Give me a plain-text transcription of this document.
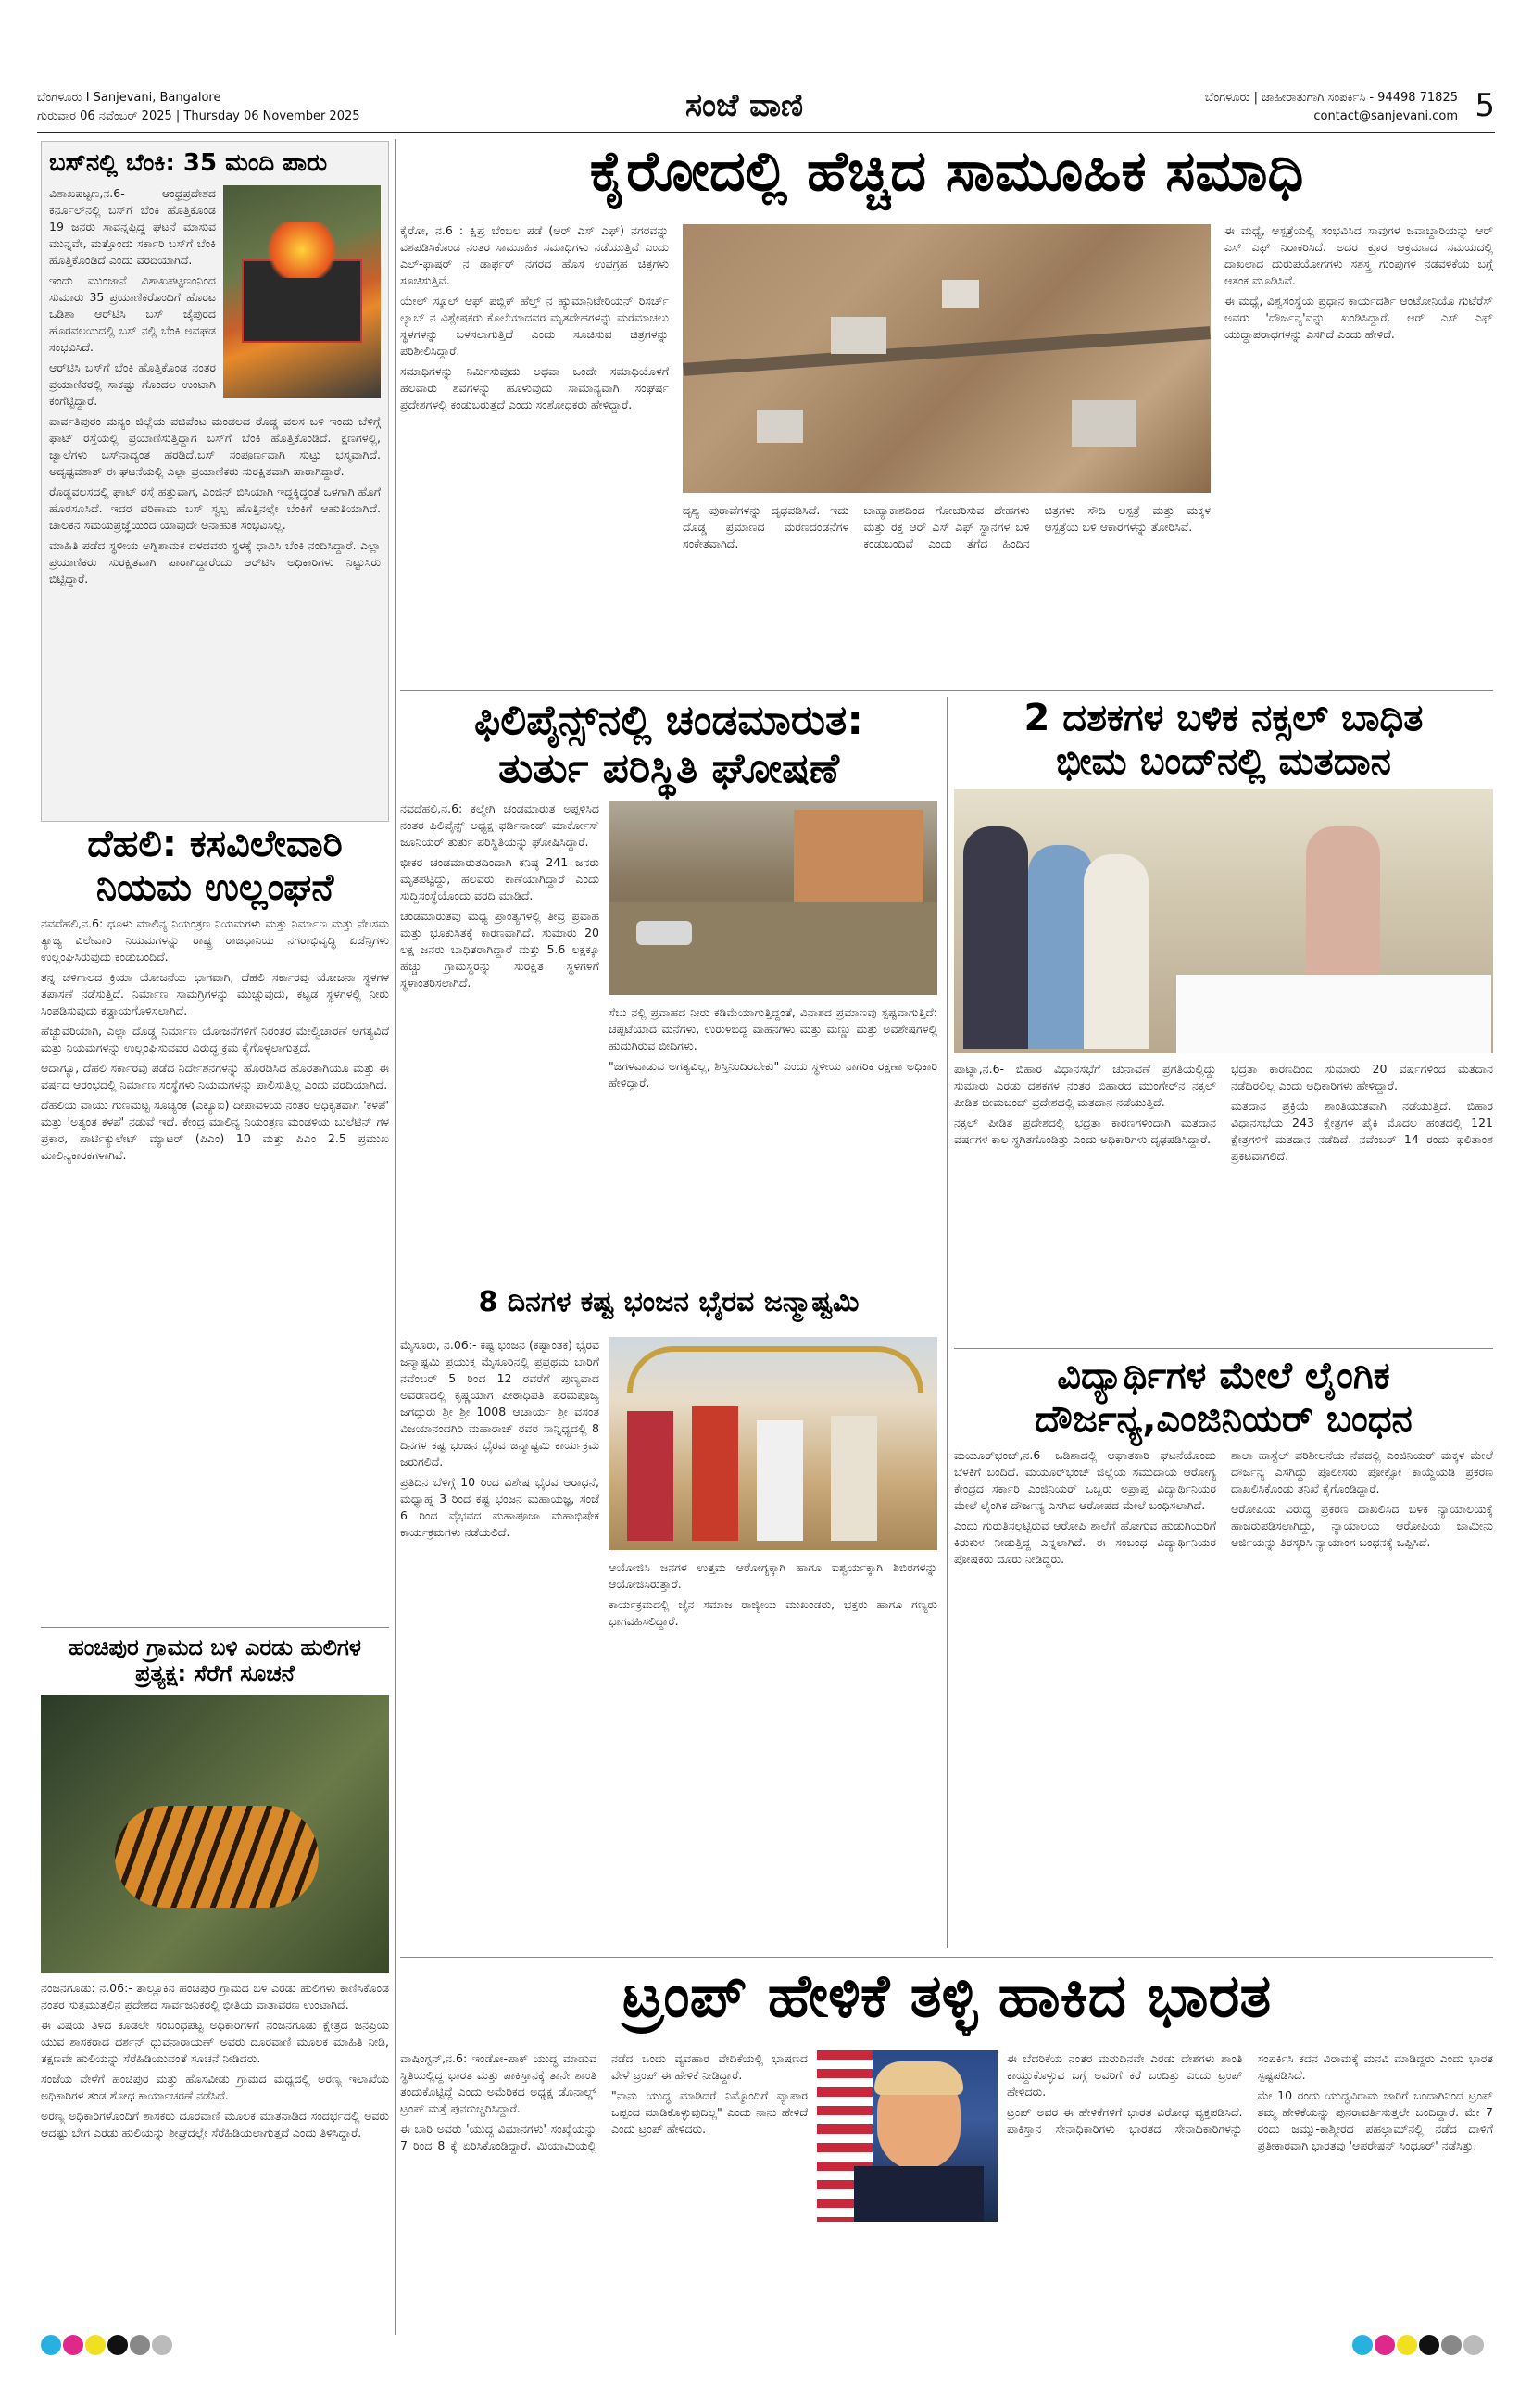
ಬೆಂಗಳೂರು I Sanjevani, Bangalore
ಗುರುವಾರ 06 ನವೆಂಬರ್ 2025 | Thursday 06 November 2025	ಸಂಜೆ ವಾಣಿ	ಬೆಂಗಳೂರು | ಜಾಹೀರಾತುಗಾಗಿ ಸಂಪರ್ಕಿಸಿ - 94498 71825
contact@sanjevani.com 5
ಬಸ್‌ನಲ್ಲಿ ಬೆಂಕಿ: 35 ಮಂದಿ ಪಾರು

ವಿಶಾಖಪಟ್ಟಣ,ನ.6- ಆಂಧ್ರಪ್ರದೇಶದ ಕರ್ನೂಲ್‌ನಲ್ಲಿ ಬಸ್‌ಗೆ ಬೆಂಕಿ ಹೊತ್ತಿಕೊಂಡ 19 ಜನರು ಸಾವನ್ನಪ್ಪಿದ್ದ ಘಟನೆ ಮಾಸುವ ಮುನ್ನವೇ, ಮತ್ತೊಂದು ಸರ್ಕಾರಿ ಬಸ್‌ಗೆ ಬೆಂಕಿ ಹೊತ್ತಿಕೊಂಡಿದೆ ಎಂದು ವರದಿಯಾಗಿದೆ.

ಇಂದು ಮುಂಜಾನೆ ವಿಶಾಖಪಟ್ಟಣಂನಿಂದ ಸುಮಾರು 35 ಪ್ರಯಾಣಿಕರೊಂದಿಗೆ ಹೊರಟ ಒಡಿಶಾ ಆರ್‌ಟಿಸಿ ಬಸ್ ಜೈಪುರದ ಹೊರವಲಯದಲ್ಲಿ ಬಸ್ ನಲ್ಲಿ ಬೆಂಕಿ ಅವಘಡ ಸಂಭವಿಸಿದೆ.

ಆರ್‌ಟಿಸಿ ಬಸ್‌ಗೆ ಬೆಂಕಿ ಹೊತ್ತಿಕೊಂಡ ನಂತರ ಪ್ರಯಾಣಿಕರಲ್ಲಿ ಸಾಕಷ್ಟು ಗೊಂದಲ ಉಂಟಾಗಿ ಕಂಗೆಟ್ಟಿದ್ದಾರೆ.

ಪಾರ್ವತಿಪುರಂ ಮನ್ಯಂ ಜಿಲ್ಲೆಯ ಪಚಿಪೆಂಟ ಮಂಡಲದ ರೊಡ್ಡ ವಲಸ ಬಳಿ ಇಂದು ಬೆಳಿಗ್ಗೆ ಘಾಟ್ ರಸ್ತೆಯಲ್ಲಿ ಪ್ರಯಾಣಿಸುತ್ತಿದ್ದಾಗ ಬಸ್‌ಗೆ ಬೆಂಕಿ ಹೊತ್ತಿಕೊಂಡಿದೆ. ಕ್ಷಣಗಳಲ್ಲಿ, ಜ್ವಾಲೆಗಳು ಬಸ್‌ನಾದ್ಯಂತ ಹರಡಿದೆ.ಬಸ್ ಸಂಪೂರ್ಣವಾಗಿ ಸುಟ್ಟು ಭಸ್ಮವಾಗಿದೆ. ಅದೃಷ್ಟವಶಾತ್ ಈ ಘಟನೆಯಲ್ಲಿ ಎಲ್ಲಾ ಪ್ರಯಾಣಿಕರು ಸುರಕ್ಷಿತವಾಗಿ ಪಾರಾಗಿದ್ದಾರೆ.

ರೊಡ್ಡವಲಸದಲ್ಲಿ ಘಾಟ್ ರಸ್ತೆ ಹತ್ತುವಾಗ, ಎಂಜಿನ್ ಬಿಸಿಯಾಗಿ ಇದ್ದಕ್ಕಿದ್ದಂತೆ ಒಳಗಾಗಿ ಹೊಗೆ ಹೊರಸೂಸಿದೆ. ಇದರ ಪರಿಣಾಮ ಬಸ್ ಸ್ವಲ್ಪ ಹೊತ್ತಿನಲ್ಲೇ ಬೆಂಕಿಗೆ ಆಹುತಿಯಾಗಿದೆ. ಚಾಲಕನ ಸಮಯಪ್ರಜ್ಞೆಯಿಂದ ಯಾವುದೇ ಅನಾಹುತ ಸಂಭವಿಸಿಲ್ಲ.

ಮಾಹಿತಿ ಪಡೆದ ಸ್ಥಳೀಯ ಅಗ್ನಿಶಾಮಕ ದಳದವರು ಸ್ಥಳಕ್ಕೆ ಧಾವಿಸಿ ಬೆಂಕಿ ನಂದಿಸಿದ್ದಾರೆ. ಎಲ್ಲಾ ಪ್ರಯಾಣಿಕರು ಸುರಕ್ಷಿತವಾಗಿ ಪಾರಾಗಿದ್ದಾರೆಂದು ಆರ್‌ಟಿಸಿ ಅಧಿಕಾರಿಗಳು ನಿಟ್ಟುಸಿರು ಬಿಟ್ಟಿದ್ದಾರೆ.

ಕೈರೋದಲ್ಲಿ ಹೆಚ್ಚಿದ ಸಾಮೂಹಿಕ ಸಮಾಧಿ

ಕೈರೋ, ನ.6 : ಕ್ಷಿಪ್ರ ಬೆಂಬಲ ಪಡೆ (ಆರ್ ಎಸ್ ಎಫ್) ನಗರವನ್ನು ವಶಪಡಿಸಿಕೊಂಡ ನಂತರ ಸಾಮೂಹಿಕ ಸಮಾಧಿಗಳು ನಡೆಯುತ್ತಿವೆ ಎಂದು ಎಲ್-ಫಾಷರ್ ನ ಡಾರ್ಫರ್ ನಗರದ ಹೊಸ ಉಪಗ್ರಹ ಚಿತ್ರಗಳು ಸೂಚಿಸುತ್ತಿವೆ.

ಯೇಲ್ ಸ್ಕೂಲ್ ಆಫ್ ಪಬ್ಲಿಕ್ ಹೆಲ್ತ್ ನ ಹ್ಯುಮಾನಿಟೇರಿಯನ್ ರಿಸರ್ಚ್ ಲ್ಯಾಬ್ ನ ವಿಶ್ಲೇಷಕರು ಕೊಲೆಯಾದವರ ಮೃತದೇಹಗಳನ್ನು ಮರೆಮಾಚಲು ಸ್ಥಳಗಳನ್ನು ಬಳಸಲಾಗುತ್ತಿದೆ ಎಂದು ಸೂಚಿಸುವ ಚಿತ್ರಗಳನ್ನು ಪರಿಶೀಲಿಸಿದ್ದಾರೆ.

ಸಮಾಧಿಗಳನ್ನು ನಿರ್ಮಿಸುವುದು ಅಥವಾ ಒಂದೇ ಸಮಾಧಿಯೊಳಗೆ ಹಲವಾರು ಶವಗಳನ್ನು ಹೂಳುವುದು ಸಾಮಾನ್ಯವಾಗಿ ಸಂಘರ್ಷ ಪ್ರದೇಶಗಳಲ್ಲಿ ಕಂಡುಬರುತ್ತದೆ ಎಂದು ಸಂಶೋಧಕರು ಹೇಳಿದ್ದಾರೆ.

ದೃಶ್ಯ ಪುರಾವೆಗಳನ್ನು ದೃಢಪಡಿಸಿದೆ. ಇದು ದೊಡ್ಡ ಪ್ರಮಾಣದ ಮರಣದಂಡನೆಗಳ ಸಂಕೇತವಾಗಿದೆ.

ಬಾಹ್ಯಾಕಾಶದಿಂದ ಗೋಚರಿಸುವ ದೇಹಗಳು ಮತ್ತು ರಕ್ತ ಆರ್ ಎಸ್ ಎಫ್ ಸ್ಥಾನಗಳ ಬಳಿ ಕಂಡುಬಂದಿವೆ ಎಂದು ತೆಗೆದ ಹಿಂದಿನ ಚಿತ್ರಗಳು ಸೌದಿ ಆಸ್ಪತ್ರೆ ಮತ್ತು ಮಕ್ಕಳ ಆಸ್ಪತ್ರೆಯ ಬಳಿ ಆಕಾರಗಳನ್ನು ತೋರಿಸಿವೆ.

ಈ ಮಧ್ಯೆ, ಆಸ್ಪತ್ರೆಯಲ್ಲಿ ಸಂಭವಿಸಿದ ಸಾವುಗಳ ಜವಾಬ್ದಾರಿಯನ್ನು ಆರ್ ಎಸ್ ಎಫ್ ನಿರಾಕರಿಸಿದೆ. ಅದರ ಕ್ರೂರ ಆಕ್ರಮಣದ ಸಮಯದಲ್ಲಿ ದಾಖಲಾದ ದುರುಪಯೋಗಗಳು ಸಶಸ್ತ್ರ ಗುಂಪುಗಳ ನಡವಳಿಕೆಯ ಬಗ್ಗೆ ಆತಂಕ ಮೂಡಿಸಿವೆ.

ಈ ಮಧ್ಯೆ, ವಿಶ್ವಸಂಸ್ಥೆಯ ಪ್ರಧಾನ ಕಾರ್ಯದರ್ಶಿ ಆಂಟೋನಿಯೊ ಗುಟೆರೆಸ್ ಅವರು 'ದೌರ್ಜನ್ಯ'ವನ್ನು ಖಂಡಿಸಿದ್ದಾರೆ. ಆರ್ ಎಸ್ ಎಫ್ ಯುದ್ಧಾಪರಾಧಗಳನ್ನು ಎಸಗಿದೆ ಎಂದು ಹೇಳಿದೆ.

ಫಿಲಿಪೈನ್ಸ್‌ನಲ್ಲಿ ಚಂಡಮಾರುತ:
ತುರ್ತು ಪರಿಸ್ಥಿತಿ ಘೋಷಣೆ

ನವದೆಹಲಿ,ನ.6: ಕಲ್ಮೇಗಿ ಚಂಡಮಾರುತ ಅಪ್ಪಳಿಸಿದ ನಂತರ ಫಿಲಿಪೈನ್ಸ್ ಅಧ್ಯಕ್ಷ ಫರ್ಡಿನಾಂಡ್ ಮಾರ್ಕೋಸ್ ಜೂನಿಯರ್ ತುರ್ತು ಪರಿಸ್ಥಿತಿಯನ್ನು ಘೋಷಿಸಿದ್ದಾರೆ.

ಭೀಕರ ಚಂಡಮಾರುತದಿಂದಾಗಿ ಕನಿಷ್ಠ 241 ಜನರು ಮೃತಪಟ್ಟಿದ್ದು, ಹಲವರು ಕಾಣೆಯಾಗಿದ್ದಾರೆ ಎಂದು ಸುದ್ದಿಸಂಸ್ಥೆಯೊಂದು ವರದಿ ಮಾಡಿದೆ.

ಚಂಡಮಾರುತವು ಮಧ್ಯ ಪ್ರಾಂತ್ಯಗಳಲ್ಲಿ ತೀವ್ರ ಪ್ರವಾಹ ಮತ್ತು ಭೂಕುಸಿತಕ್ಕೆ ಕಾರಣವಾಗಿದೆ. ಸುಮಾರು 20 ಲಕ್ಷ ಜನರು ಬಾಧಿತರಾಗಿದ್ದಾರೆ ಮತ್ತು 5.6 ಲಕ್ಷಕ್ಕೂ ಹೆಚ್ಚು ಗ್ರಾಮಸ್ಥರನ್ನು ಸುರಕ್ಷಿತ ಸ್ಥಳಗಳಿಗೆ ಸ್ಥಳಾಂತರಿಸಲಾಗಿದೆ.

ಸೆಬು ನಲ್ಲಿ ಪ್ರವಾಹದ ನೀರು ಕಡಿಮೆಯಾಗುತ್ತಿದ್ದಂತೆ, ವಿನಾಶದ ಪ್ರಮಾಣವು ಸ್ಪಷ್ಟವಾಗುತ್ತಿದೆ: ಚಪ್ಪಟೆಯಾದ ಮನೆಗಳು, ಉರುಳಿಬಿದ್ದ ವಾಹನಗಳು ಮತ್ತು ಮಣ್ಣು ಮತ್ತು ಅವಶೇಷಗಳಲ್ಲಿ ಹುದುಗಿರುವ ಬೀದಿಗಳು.

"ಜಗಳವಾಡುವ ಅಗತ್ಯವಿಲ್ಲ, ಶಿಸ್ತಿನಿಂದಿರಬೇಕು" ಎಂದು ಸ್ಥಳೀಯ ನಾಗರಿಕ ರಕ್ಷಣಾ ಅಧಿಕಾರಿ ಹೇಳಿದ್ದಾರೆ.

2 ದಶಕಗಳ ಬಳಿಕ ನಕ್ಸಲ್ ಬಾಧಿತ
ಭೀಮ ಬಂದ್‌ನಲ್ಲಿ ಮತದಾನ

ಪಾಟ್ನಾ,ನ.6- ಬಿಹಾರ ವಿಧಾನಸಭೆಗೆ ಚುನಾವಣೆ ಪ್ರಗತಿಯಲ್ಲಿದ್ದು ಸುಮಾರು ಎರಡು ದಶಕಗಳ ನಂತರ ಬಿಹಾರದ ಮುಂಗೇರ್‌ನ ನಕ್ಸಲ್ ಪೀಡಿತ ಭೀಮಬಂದ್ ಪ್ರದೇಶದಲ್ಲಿ ಮತದಾನ ನಡೆಯುತ್ತಿದೆ.

ನಕ್ಸಲ್ ಪೀಡಿತ ಪ್ರದೇಶದಲ್ಲಿ ಭದ್ರತಾ ಕಾರಣಗಳಿಂದಾಗಿ ಮತದಾನ ವರ್ಷಗಳ ಕಾಲ ಸ್ಥಗಿತಗೊಂಡಿತ್ತು ಎಂದು ಅಧಿಕಾರಿಗಳು ದೃಢಪಡಿಸಿದ್ದಾರೆ.

ಭದ್ರತಾ ಕಾರಣದಿಂದ ಸುಮಾರು 20 ವರ್ಷಗಳಿಂದ ಮತದಾನ ನಡೆದಿರಲಿಲ್ಲ ಎಂದು ಅಧಿಕಾರಿಗಳು ಹೇಳಿದ್ದಾರೆ.

ಮತದಾನ ಪ್ರಕ್ರಿಯೆ ಶಾಂತಿಯುತವಾಗಿ ನಡೆಯುತ್ತಿದೆ. ಬಿಹಾರ ವಿಧಾನಸಭೆಯ 243 ಕ್ಷೇತ್ರಗಳ ಪೈಕಿ ಮೊದಲ ಹಂತದಲ್ಲಿ 121 ಕ್ಷೇತ್ರಗಳಿಗೆ ಮತದಾನ ನಡೆದಿದೆ. ನವೆಂಬರ್ 14 ರಂದು ಫಲಿತಾಂಶ ಪ್ರಕಟವಾಗಲಿದೆ.

ದೆಹಲಿ: ಕಸವಿಲೇವಾರಿ
ನಿಯಮ ಉಲ್ಲಂಘನೆ

ನವದೆಹಲಿ,ನ.6: ಧೂಳು ಮಾಲಿನ್ಯ ನಿಯಂತ್ರಣ ನಿಯಮಗಳು ಮತ್ತು ನಿರ್ಮಾಣ ಮತ್ತು ನೆಲಸಮ ತ್ಯಾಜ್ಯ ವಿಲೇವಾರಿ ನಿಯಮಗಳನ್ನು ರಾಷ್ಟ್ರ ರಾಜಧಾನಿಯ ನಗರಾಭಿವೃದ್ಧಿ ಏಜೆನ್ಸಿಗಳು ಉಲ್ಲಂಘಿಸಿರುವುದು ಕಂಡುಬಂದಿದೆ.

ತನ್ನ ಚಳಿಗಾಲದ ಕ್ರಿಯಾ ಯೋಜನೆಯ ಭಾಗವಾಗಿ, ದೆಹಲಿ ಸರ್ಕಾರವು ಯೋಜನಾ ಸ್ಥಳಗಳ ತಪಾಸಣೆ ನಡೆಸುತ್ತಿದೆ. ನಿರ್ಮಾಣ ಸಾಮಗ್ರಿಗಳನ್ನು ಮುಚ್ಚುವುದು, ಕಟ್ಟಡ ಸ್ಥಳಗಳಲ್ಲಿ ನೀರು ಸಿಂಪಡಿಸುವುದು ಕಡ್ಡಾಯಗೊಳಿಸಲಾಗಿದೆ.

ಹೆಚ್ಚುವರಿಯಾಗಿ, ಎಲ್ಲಾ ದೊಡ್ಡ ನಿರ್ಮಾಣ ಯೋಜನೆಗಳಿಗೆ ನಿರಂತರ ಮೇಲ್ವಿಚಾರಣೆ ಅಗತ್ಯವಿದೆ ಮತ್ತು ನಿಯಮಗಳನ್ನು ಉಲ್ಲಂಘಿಸುವವರ ವಿರುದ್ಧ ಕ್ರಮ ಕೈಗೊಳ್ಳಲಾಗುತ್ತದೆ.

ಆದಾಗ್ಯೂ, ದೆಹಲಿ ಸರ್ಕಾರವು ಪಡೆದ ನಿರ್ದೇಶನಗಳನ್ನು ಹೊರಡಿಸಿದ ಹೊರತಾಗಿಯೂ ಮತ್ತು ಈ ವರ್ಷದ ಆರಂಭದಲ್ಲಿ ನಿರ್ಮಾಣ ಸಂಸ್ಥೆಗಳು ನಿಯಮಗಳನ್ನು ಪಾಲಿಸುತ್ತಿಲ್ಲ ಎಂದು ವರದಿಯಾಗಿದೆ.

ದೆಹಲಿಯ ವಾಯು ಗುಣಮಟ್ಟ ಸೂಚ್ಯಂಕ (ಎಕ್ಯೂಐ) ದೀಪಾವಳಿಯ ನಂತರ ಅಧಿಕೃತವಾಗಿ 'ಕಳಪೆ' ಮತ್ತು 'ಅತ್ಯಂತ ಕಳಪೆ' ನಡುವೆ ಇದೆ. ಕೇಂದ್ರ ಮಾಲಿನ್ಯ ನಿಯಂತ್ರಣ ಮಂಡಳಿಯ ಬುಲೆಟಿನ್ ಗಳ ಪ್ರಕಾರ, ಪಾರ್ಟಿಕ್ಯುಲೇಟ್ ಮ್ಯಾಟರ್ (ಪಿಎಂ) 10 ಮತ್ತು ಪಿಎಂ 2.5 ಪ್ರಮುಖ ಮಾಲಿನ್ಯಕಾರಕಗಳಾಗಿವೆ.

8 ದಿನಗಳ ಕಷ್ಟ ಭಂಜನ ಭೈರವ ಜನ್ಮಾಷ್ಟಮಿ

ಮೈಸೂರು, ನ.06:- ಕಷ್ಟ ಭಂಜನ (ಕಷ್ಟಾಂತಕ) ಭೈರವ ಜನ್ಮಾಷ್ಟಮಿ ಪ್ರಯುಕ್ತ ಮೈಸೂರಿನಲ್ಲಿ ಪ್ರಪ್ರಥಮ ಬಾರಿಗೆ ನವೆಂಬರ್ 5 ರಿಂದ 12 ರವರೆಗೆ ಪುಣ್ಯವಾದ ಅವರಣದಲ್ಲಿ ಕೃಷ್ಣಯಾಗ ಪೀಠಾಧಿಪತಿ ಪರಮಪೂಜ್ಯ ಜಗದ್ಗುರು ಶ್ರೀ ಶ್ರೀ 1008 ಆಚಾರ್ಯ ಶ್ರೀ ವಸಂತ ವಿಜಯಾನಂದಗಿರಿ ಮಹಾರಾಜ್ ರವರ ಸಾನ್ನಿಧ್ಯದಲ್ಲಿ 8 ದಿನಗಳ ಕಷ್ಟ ಭಂಜನ ಭೈರವ ಜನ್ಮಾಷ್ಟಮಿ ಕಾರ್ಯಕ್ರಮ ಜರುಗಲಿದೆ.

ಪ್ರತಿದಿನ ಬೆಳಿಗ್ಗೆ 10 ರಿಂದ ವಿಶೇಷ ಭೈರವ ಆರಾಧನೆ, ಮಧ್ಯಾಹ್ನ 3 ರಿಂದ ಕಷ್ಟ ಭಂಜನ ಮಹಾಯಜ್ಞ, ಸಂಜೆ 6 ರಿಂದ ವೈಭವದ ಮಹಾಪೂಜಾ ಮಹಾಭಿಷೇಕ ಕಾರ್ಯಕ್ರಮಗಳು ನಡೆಯಲಿದೆ.

ಆಯೋಜಿಸಿ ಜನಗಳ ಉತ್ತಮ ಆರೋಗ್ಯಕ್ಕಾಗಿ ಹಾಗೂ ಐಶ್ವರ್ಯಕ್ಕಾಗಿ ಶಿಬಿರಗಳನ್ನು ಆಯೋಜಿಸಿರುತ್ತಾರೆ.

ಕಾರ್ಯಕ್ರಮದಲ್ಲಿ ಜೈನ ಸಮಾಜ ರಾಜ್ಯೀಯ ಮುಖಂಡರು, ಭಕ್ತರು ಹಾಗೂ ಗಣ್ಯರು ಭಾಗವಹಿಸಲಿದ್ದಾರೆ.

ವಿದ್ಯಾರ್ಥಿಗಳ ಮೇಲೆ ಲೈಂಗಿಕ
ದೌರ್ಜನ್ಯ,ಎಂಜಿನಿಯರ್ ಬಂಧನ

ಮಯೂರ್‌ಭಂಜ್,ನ.6- ಒಡಿಶಾದಲ್ಲಿ ಆಘಾತಕಾರಿ ಘಟನೆಯೊಂದು ಬೆಳಕಿಗೆ ಬಂದಿದೆ. ಮಯೂರ್‌ಭಂಜ್ ಜಿಲ್ಲೆಯ ಸಮುದಾಯ ಆರೋಗ್ಯ ಕೇಂದ್ರದ ಸರ್ಕಾರಿ ಎಂಜಿನಿಯರ್ ಒಬ್ಬರು ಅಪ್ರಾಪ್ತ ವಿದ್ಯಾರ್ಥಿನಿಯರ ಮೇಲೆ ಲೈಂಗಿಕ ದೌರ್ಜನ್ಯ ಎಸಗಿದ ಆರೋಪದ ಮೇಲೆ ಬಂಧಿಸಲಾಗಿದೆ.

ಎಂದು ಗುರುತಿಸಲ್ಪಟ್ಟಿರುವ ಆರೋಪಿ ಶಾಲೆಗೆ ಹೋಗುವ ಹುಡುಗಿಯರಿಗೆ ಕಿರುಕುಳ ನೀಡುತ್ತಿದ್ದ ಎನ್ನಲಾಗಿದೆ. ಈ ಸಂಬಂಧ ವಿದ್ಯಾರ್ಥಿನಿಯರ ಪೋಷಕರು ದೂರು ನೀಡಿದ್ದರು.

ಶಾಲಾ ಹಾಸ್ಟೆಲ್ ಪರಿಶೀಲನೆಯ ನೆಪದಲ್ಲಿ ಎಂಜಿನಿಯರ್ ಮಕ್ಕಳ ಮೇಲೆ ದೌರ್ಜನ್ಯ ಎಸಗಿದ್ದು ಪೊಲೀಸರು ಪೋಕ್ಸೋ ಕಾಯ್ದೆಯಡಿ ಪ್ರಕರಣ ದಾಖಲಿಸಿಕೊಂಡು ತನಿಖೆ ಕೈಗೊಂಡಿದ್ದಾರೆ.

ಆರೋಪಿಯ ವಿರುದ್ಧ ಪ್ರಕರಣ ದಾಖಲಿಸಿದ ಬಳಿಕ ನ್ಯಾಯಾಲಯಕ್ಕೆ ಹಾಜರುಪಡಿಸಲಾಗಿದ್ದು, ನ್ಯಾಯಾಲಯ ಆರೋಪಿಯ ಜಾಮೀನು ಅರ್ಜಿಯನ್ನು ತಿರಸ್ಕರಿಸಿ ನ್ಯಾಯಾಂಗ ಬಂಧನಕ್ಕೆ ಒಪ್ಪಿಸಿದೆ.

ಹಂಚಿಪುರ ಗ್ರಾಮದ ಬಳಿ ಎರಡು ಹುಲಿಗಳ ಪ್ರತ್ಯಕ್ಷ: ಸೆರೆಗೆ ಸೂಚನೆ

ನಂಜನಗೂಡು: ನ.06:- ತಾಲ್ಲೂಕಿನ ಹಂಚಿಪುರ ಗ್ರಾಮದ ಬಳಿ ಎರಡು ಹುಲಿಗಳು ಕಾಣಿಸಿಕೊಂಡ ನಂತರ ಸುತ್ತಮುತ್ತಲಿನ ಪ್ರದೇಶದ ಸಾರ್ವಜನಿಕರಲ್ಲಿ ಭೀತಿಯ ವಾತಾವರಣ ಉಂಟಾಗಿದೆ.

ಈ ವಿಷಯ ತಿಳಿದ ಕೂಡಲೇ ಸಂಬಂಧಪಟ್ಟ ಅಧಿಕಾರಿಗಳಿಗೆ ನಂಜನಗೂಡು ಕ್ಷೇತ್ರದ ಜನಪ್ರಿಯ ಯುವ ಶಾಸಕರಾದ ದರ್ಶನ್ ಧ್ರುವನಾರಾಯಣ್ ಅವರು ದೂರವಾಣಿ ಮೂಲಕ ಮಾಹಿತಿ ನೀಡಿ, ತಕ್ಷಣವೇ ಹುಲಿಯನ್ನು ಸೆರೆಹಿಡಿಯುವಂತೆ ಸೂಚನೆ ನೀಡಿದರು.

ಸಂಜೆಯ ವೇಳೆಗೆ ಹಂಚಿಪುರ ಮತ್ತು ಹೊಸವೀಡು ಗ್ರಾಮದ ಮಧ್ಯದಲ್ಲಿ ಅರಣ್ಯ ಇಲಾಖೆಯ ಅಧಿಕಾರಿಗಳ ತಂಡ ಶೋಧ ಕಾರ್ಯಾಚರಣೆ ನಡೆಸಿದೆ.

ಅರಣ್ಯ ಅಧಿಕಾರಿಗಳೊಂದಿಗೆ ಶಾಸಕರು ದೂರವಾಣಿ ಮೂಲಕ ಮಾತನಾಡಿದ ಸಂದರ್ಭದಲ್ಲಿ ಅವರು ಆದಷ್ಟು ಬೇಗ ಎರಡು ಹುಲಿಯನ್ನು ಶೀಘ್ರದಲ್ಲೇ ಸೆರೆಹಿಡಿಯಲಾಗುತ್ತದೆ ಎಂದು ತಿಳಿಸಿದ್ದಾರೆ.

ಟ್ರಂಪ್ ಹೇಳಿಕೆ ತಳ್ಳಿ ಹಾಕಿದ ಭಾರತ

ವಾಷಿಂಗ್ಟನ್,ನ.6: ಇಂಡೋ-ಪಾಕ್ ಯುದ್ಧ ಮಾಡುವ ಸ್ಥಿತಿಯಲ್ಲಿದ್ದ ಭಾರತ ಮತ್ತು ಪಾಕಿಸ್ತಾನಕ್ಕೆ ತಾನೇ ಶಾಂತಿ ತಂದುಕೊಟ್ಟಿದ್ದೆ ಎಂದು ಅಮೆರಿಕದ ಅಧ್ಯಕ್ಷ ಡೊನಾಲ್ಡ್ ಟ್ರಂಪ್ ಮತ್ತೆ ಪುನರುಚ್ಚರಿಸಿದ್ದಾರೆ.

ಈ ಬಾರಿ ಅವರು 'ಯುದ್ಧ ವಿಮಾನಗಳು' ಸಂಖ್ಯೆಯನ್ನು 7 ರಿಂದ 8 ಕ್ಕೆ ಏರಿಸಿಕೊಂಡಿದ್ದಾರೆ. ಮಿಯಾಮಿಯಲ್ಲಿ ನಡೆದ ಒಂದು ವ್ಯವಹಾರ ವೇದಿಕೆಯಲ್ಲಿ ಭಾಷಣದ ವೇಳೆ ಟ್ರಂಪ್ ಈ ಹೇಳಿಕೆ ನೀಡಿದ್ದಾರೆ.

"ನಾನು ಯುದ್ಧ ಮಾಡಿದರೆ ನಿಮ್ಮೊಂದಿಗೆ ವ್ಯಾಪಾರ ಒಪ್ಪಂದ ಮಾಡಿಕೊಳ್ಳುವುದಿಲ್ಲ" ಎಂದು ನಾನು ಹೇಳಿದೆ ಎಂದು ಟ್ರಂಪ್ ಹೇಳಿದರು.

ಈ ಬೆದರಿಕೆಯ ನಂತರ ಮರುದಿನವೇ ಎರಡು ದೇಶಗಳು ಶಾಂತಿ ಕಾಯ್ದುಕೊಳ್ಳುವ ಬಗ್ಗೆ ಅವರಿಗೆ ಕರೆ ಬಂದಿತ್ತು ಎಂದು ಟ್ರಂಪ್ ಹೇಳಿದರು.

ಟ್ರಂಪ್ ಅವರ ಈ ಹೇಳಿಕೆಗಳಿಗೆ ಭಾರತ ವಿರೋಧ ವ್ಯಕ್ತಪಡಿಸಿದೆ. ಪಾಕಿಸ್ತಾನ ಸೇನಾಧಿಕಾರಿಗಳು ಭಾರತದ ಸೇನಾಧಿಕಾರಿಗಳನ್ನು ಸಂಪರ್ಕಿಸಿ ಕದನ ವಿರಾಮಕ್ಕೆ ಮನವಿ ಮಾಡಿದ್ದರು ಎಂದು ಭಾರತ ಸ್ಪಷ್ಟಪಡಿಸಿದೆ.

ಮೇ 10 ರಂದು ಯುದ್ಧವಿರಾಮ ಜಾರಿಗೆ ಬಂದಾಗಿನಿಂದ ಟ್ರಂಪ್ ತಮ್ಮ ಹೇಳಿಕೆಯನ್ನು ಪುನರಾವರ್ತಿಸುತ್ತಲೇ ಬಂದಿದ್ದಾರೆ. ಮೇ 7 ರಂದು ಜಮ್ಮು-ಕಾಶ್ಮೀರದ ಪಹಲ್ಗಾಮ್‌ನಲ್ಲಿ ನಡೆದ ದಾಳಿಗೆ ಪ್ರತೀಕಾರವಾಗಿ ಭಾರತವು 'ಆಪರೇಷನ್ ಸಿಂಧೂರ್' ನಡೆಸಿತ್ತು.
